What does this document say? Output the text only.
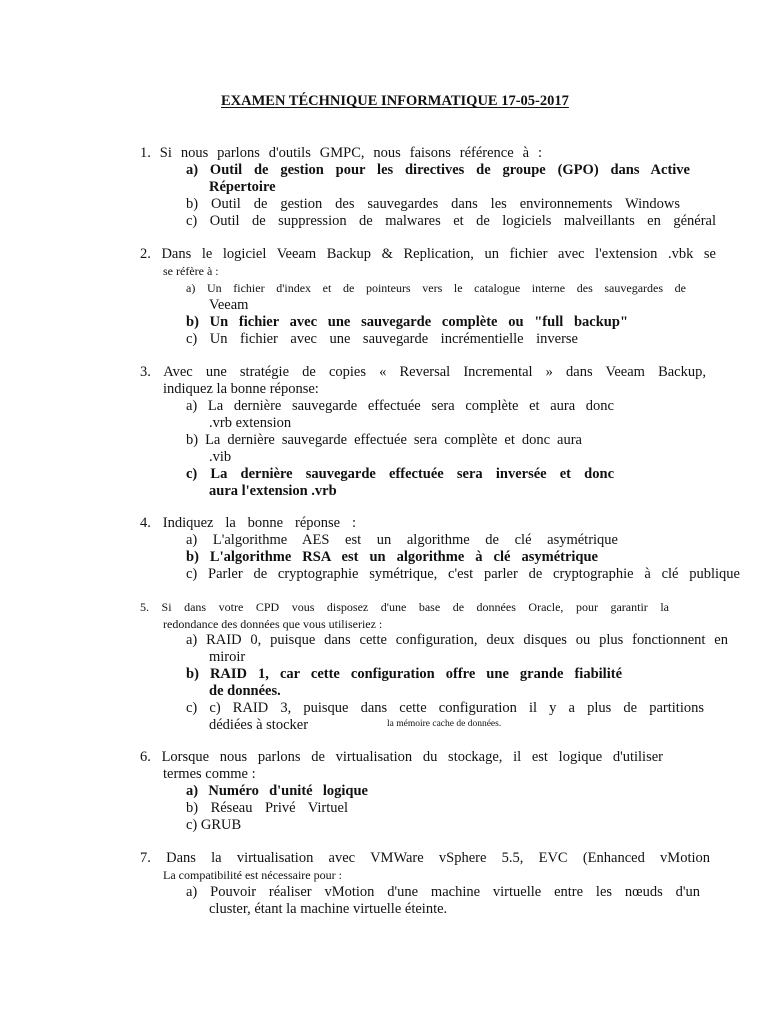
EXAMEN TÉCHNIQUE INFORMATIQUE 17-05-2017
1. Si nous parlons d'outils GMPC, nous faisons référence à :
a) Outil de gestion pour les directives de groupe (GPO) dans Active
Répertoire
b) Outil de gestion des sauvegardes dans les environnements Windows
c) Outil de suppression de malwares et de logiciels malveillants en général
2. Dans le logiciel Veeam Backup & Replication, un fichier avec l'extension .vbk se
se réfère à :
a) Un fichier d'index et de pointeurs vers le catalogue interne des sauvegardes de
Veeam
b) Un fichier avec une sauvegarde complète ou "full backup"
c) Un fichier avec une sauvegarde incrémentielle inverse
3. Avec une stratégie de copies « Reversal Incremental » dans Veeam Backup,
indiquez la bonne réponse:
a) La dernière sauvegarde effectuée sera complète et aura donc
.vrb extension
b) La dernière sauvegarde effectuée sera complète et donc aura
.vib
c) La dernière sauvegarde effectuée sera inversée et donc
aura l'extension .vrb
4. Indiquez la bonne réponse :
a) L'algorithme AES est un algorithme de clé asymétrique
b) L'algorithme RSA est un algorithme à clé asymétrique
c) Parler de cryptographie symétrique, c'est parler de cryptographie à clé publique
5. Si dans votre CPD vous disposez d'une base de données Oracle, pour garantir la
redondance des données que vous utiliseriez :
a) RAID 0, puisque dans cette configuration, deux disques ou plus fonctionnent en
miroir
b) RAID 1, car cette configuration offre une grande fiabilité
de données.
c) c) RAID 3, puisque dans cette configuration il y a plus de partitions
dédiées à stocker	la mémoire cache de données.
6. Lorsque nous parlons de virtualisation du stockage, il est logique d'utiliser
termes comme :
a) Numéro d'unité logique
b) Réseau Privé Virtuel
c) GRUB
7. Dans la virtualisation avec VMWare vSphere 5.5, EVC (Enhanced vMotion
La compatibilité est nécessaire pour :
a) Pouvoir réaliser vMotion d'une machine virtuelle entre les nœuds d'un
cluster, étant la machine virtuelle éteinte.
